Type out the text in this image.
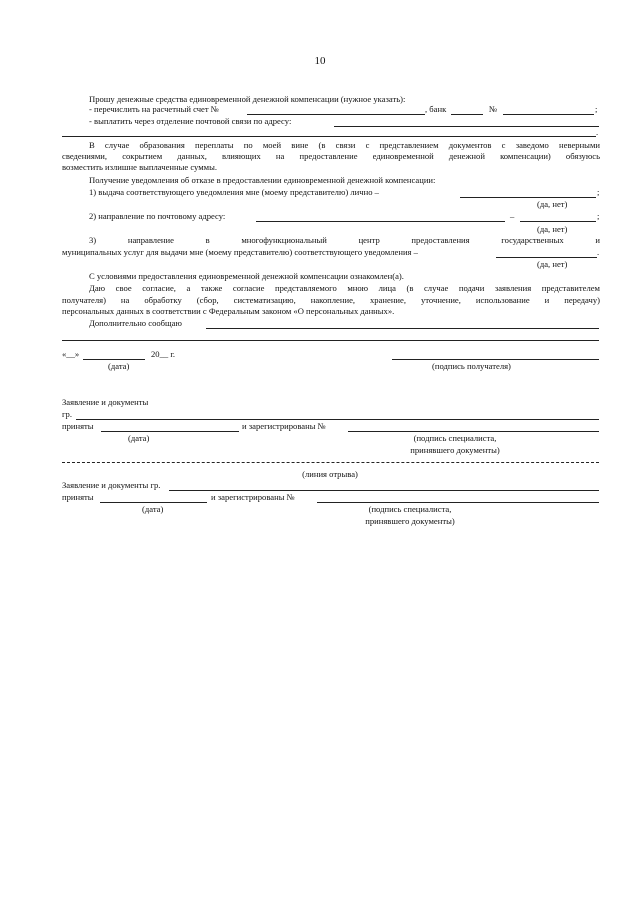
10
Прошу денежные средства единовременной денежной компенсации (нужное указать):
- перечислить на расчетный счет №	, банк	№	;
- выплатить через отделение почтовой связи по адресу:
.
В случае образования переплаты по моей вине (в связи с представлением документов с заведомо неверными
сведениями, сокрытием данных, влияющих на предоставление единовременной денежной компенсации) обязуюсь
возместить излишне выплаченные суммы.
Получение уведомления об отказе в предоставлении единовременной денежной компенсации:
1) выдача соответствующего уведомления мне (моему представителю) лично –	;
(да, нет)
2) направление по почтовому адресу:	–	;
(да, нет)
3) направление в многофункциональный центр предоставления государственных и
муниципальных услуг для выдачи мне (моему представителю) соответствующего уведомления –	.
(да, нет)
С условиями предоставления единовременной денежной компенсации ознакомлен(а).
Даю свое согласие, а также согласие представляемого мною лица (в случае подачи заявления представителем
получателя) на обработку (сбор, систематизацию, накопление, хранение, уточнение, использование и передачу)
персональных данных в соответствии с Федеральным законом «О персональных данных».
Дополнительно сообщаю
«__»	20__ г.
(дата)	(подпись получателя)
Заявление и документы
гр.
приняты	и зарегистрированы №
(дата)	(подпись специалиста,
принявшего документы)
(линия отрыва)
Заявление и документы гр.
приняты	и зарегистрированы №
(дата)	(подпись специалиста,
принявшего документы)
